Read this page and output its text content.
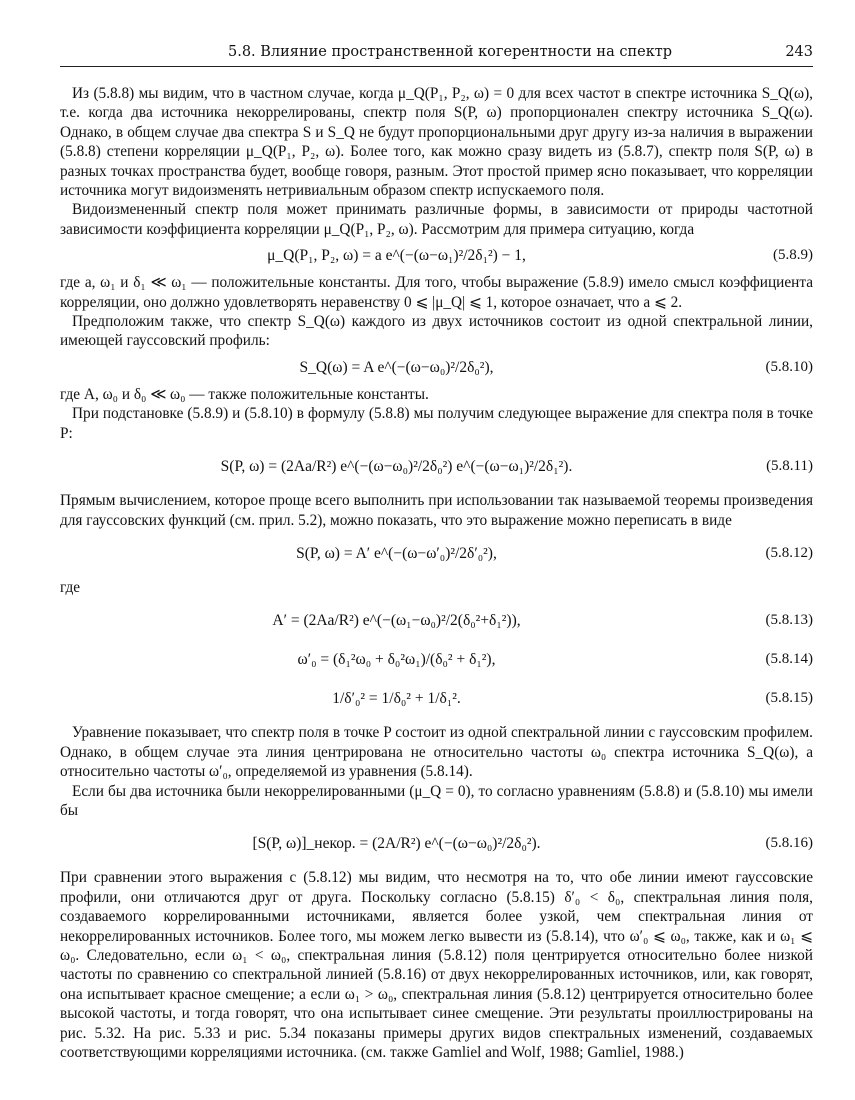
5.8. Влияние пространственной когерентности на спектр	243

Из (5.8.8) мы видим, что в частном случае, когда μ_Q(P₁, P₂, ω) = 0 для всех частот в спектре источника S_Q(ω), т.е. когда два источника некоррелированы, спектр поля S(P, ω) пропорционален спектру источника S_Q(ω). Однако, в общем случае два спектра S и S_Q не будут пропорциональными друг другу из-за наличия в выражении (5.8.8) степени корреляции μ_Q(P₁, P₂, ω). Более того, как можно сразу видеть из (5.8.7), спектр поля S(P, ω) в разных точках пространства будет, вообще говоря, разным. Этот простой пример ясно показывает, что корреляции источника могут видоизменять нетривиальным образом спектр испускаемого поля.

Видоизмененный спектр поля может принимать различные формы, в зависимости от природы частотной зависимости коэффициента корреляции μ_Q(P₁, P₂, ω). Рассмотрим для примера ситуацию, когда

μ_Q(P₁, P₂, ω) = a e^(−(ω−ω₁)²/2δ₁²) − 1,	(5.8.9)

где a, ω₁ и δ₁ ≪ ω₁ — положительные константы. Для того, чтобы выражение (5.8.9) имело смысл коэффициента корреляции, оно должно удовлетворять неравенству 0 ⩽ |μ_Q| ⩽ 1, которое означает, что a ⩽ 2.

Предположим также, что спектр S_Q(ω) каждого из двух источников состоит из одной спектральной линии, имеющей гауссовский профиль:

S_Q(ω) = A e^(−(ω−ω₀)²/2δ₀²),	(5.8.10)

где A, ω₀ и δ₀ ≪ ω₀ — также положительные константы.

При подстановке (5.8.9) и (5.8.10) в формулу (5.8.8) мы получим следующее выражение для спектра поля в точке P:

S(P, ω) = (2Aa/R²) e^(−(ω−ω₀)²/2δ₀²) e^(−(ω−ω₁)²/2δ₁²).	(5.8.11)

Прямым вычислением, которое проще всего выполнить при использовании так называемой теоремы произведения для гауссовских функций (см. прил. 5.2), можно показать, что это выражение можно переписать в виде

S(P, ω) = A′ e^(−(ω−ω′₀)²/2δ′₀²),	(5.8.12)

где

A′ = (2Aa/R²) e^(−(ω₁−ω₀)²/2(δ₀²+δ₁²)),	(5.8.13)
ω′₀ = (δ₁²ω₀ + δ₀²ω₁)/(δ₀² + δ₁²),	(5.8.14)
1/δ′₀² = 1/δ₀² + 1/δ₁².	(5.8.15)

Уравнение показывает, что спектр поля в точке P состоит из одной спектральной линии с гауссовским профилем. Однако, в общем случае эта линия центрирована не относительно частоты ω₀ спектра источника S_Q(ω), а относительно частоты ω′₀, определяемой из уравнения (5.8.14).

Если бы два источника были некоррелированными (μ_Q = 0), то согласно уравнениям (5.8.8) и (5.8.10) мы имели бы

[S(P, ω)]_некор. = (2A/R²) e^(−(ω−ω₀)²/2δ₀²).	(5.8.16)

При сравнении этого выражения с (5.8.12) мы видим, что несмотря на то, что обе линии имеют гауссовские профили, они отличаются друг от друга. Поскольку согласно (5.8.15) δ′₀ < δ₀, спектральная линия поля, создаваемого коррелированными источниками, является более узкой, чем спектральная линия от некоррелированных источников. Более того, мы можем легко вывести из (5.8.14), что ω′₀ ⩽ ω₀, также, как и ω₁ ⩽ ω₀. Следовательно, если ω₁ < ω₀, спектральная линия (5.8.12) поля центрируется относительно более низкой частоты по сравнению со спектральной линией (5.8.16) от двух некоррелированных источников, или, как говорят, она испытывает красное смещение; а если ω₁ > ω₀, спектральная линия (5.8.12) центрируется относительно более высокой частоты, и тогда говорят, что она испытывает синее смещение. Эти результаты проиллюстрированы на рис. 5.32. На рис. 5.33 и рис. 5.34 показаны примеры других видов спектральных изменений, создаваемых соответствующими корреляциями источника. (см. также Gamliel and Wolf, 1988; Gamliel, 1988.)
